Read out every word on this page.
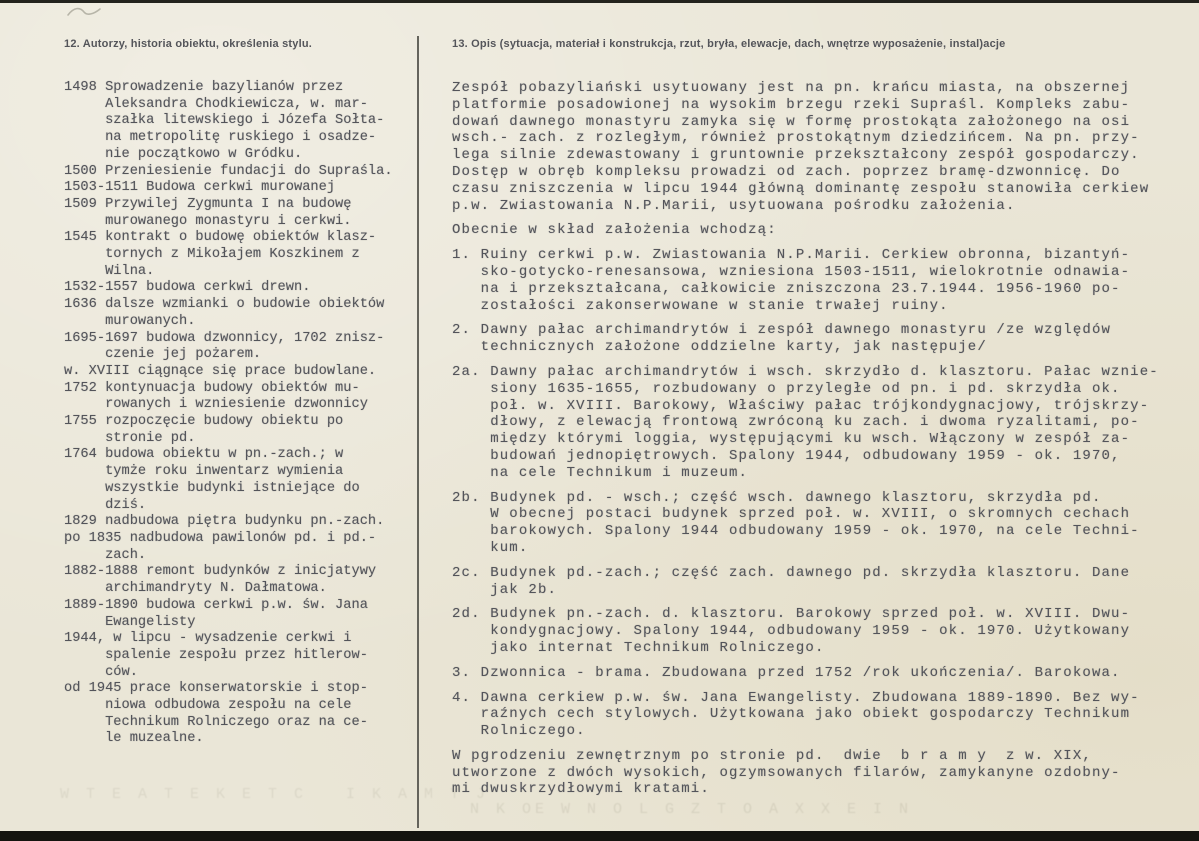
12. Autorzy, historia obiektu, określenia stylu.	13. Opis (sytuacja, materiał i konstrukcja, rzut, bryła, elewacje, dach, wnętrze wyposażenie, instal)acje
1498 Sprowadzenie bazylianów przez
Aleksandra Chodkiewicza, w. mar-
szałka litewskiego i Józefa Sołta-
na metropolitę ruskiego i osadze-
nie początkowo w Gródku.
1500 Przeniesienie fundacji do Supraśla.
1503-1511 Budowa cerkwi murowanej
1509 Przywilej Zygmunta I na budowę
murowanego monastyru i cerkwi.
1545 kontrakt o budowę obiektów klasz-
tornych z Mikołajem Koszkinem z
Wilna.
1532-1557 budowa cerkwi drewn.
1636 dalsze wzmianki o budowie obiektów
murowanych.
1695-1697 budowa dzwonnicy, 1702 znisz-
czenie jej pożarem.
w. XVIII ciągnące się prace budowlane.
1752 kontynuacja budowy obiektów mu-
rowanych i wzniesienie dzwonnicy
1755 rozpoczęcie budowy obiektu po
stronie pd.
1764 budowa obiektu w pn.-zach.; w
tymże roku inwentarz wymienia
wszystkie budynki istniejące do
dziś.
1829 nadbudowa piętra budynku pn.-zach.
po 1835 nadbudowa pawilonów pd. i pd.-
zach.
1882-1888 remont budynków z inicjatywy
archimandryty N. Dałmatowa.
1889-1890 budowa cerkwi p.w. św. Jana
Ewangelisty
1944, w lipcu - wysadzenie cerkwi i
spalenie zespołu przez hitlerow-
ców.
od 1945 prace konserwatorskie i stop-
niowa odbudowa zespołu na cele
Technikum Rolniczego oraz na ce-
le muzealne.
Zespół pobazyliański usytuowany jest na pn. krańcu miasta, na obszernej
platformie posadowionej na wysokim brzegu rzeki Supraśl. Kompleks zabu-
dowań dawnego monastyru zamyka się w formę prostokąta założonego na osi
wsch.- zach. z rozległym, również prostokątnym dziedzińcem. Na pn. przy-
lega silnie zdewastowany i gruntownie przekształcony zespół gospodarczy.
Dostęp w obręb kompleksu prowadzi od zach. poprzez bramę-dzwonnicę. Do
czasu zniszczenia w lipcu 1944 główną dominantę zespołu stanowiła cerkiew
p.w. Zwiastowania N.P.Marii, usytuowana pośrodku założenia.
Obecnie w skład założenia wchodzą:
1. Ruiny cerkwi p.w. Zwiastowania N.P.Marii. Cerkiew obronna, bizantyń-
sko-gotycko-renesansowa, wzniesiona 1503-1511, wielokrotnie odnawia-
na i przekształcana, całkowicie zniszczona 23.7.1944. 1956-1960 po-
zostałości zakonserwowane w stanie trwałej ruiny.
2. Dawny pałac archimandrytów i zespół dawnego monastyru /ze względów
technicznych założone oddzielne karty, jak następuje/
2a. Dawny pałac archimandrytów i wsch. skrzydło d. klasztoru. Pałac wznie-
siony 1635-1655, rozbudowany o przyległe od pn. i pd. skrzydła ok.
poł. w. XVIII. Barokowy, Właściwy pałac trójkondygnacjowy, trójskrzy-
dłowy, z elewacją frontową zwróconą ku zach. i dwoma ryzalitami, po-
między którymi loggia, występującymi ku wsch. Włączony w zespół za-
budowań jednopiętrowych. Spalony 1944, odbudowany 1959 - ok. 1970,
na cele Technikum i muzeum.
2b. Budynek pd. - wsch.; część wsch. dawnego klasztoru, skrzydła pd.
W obecnej postaci budynek sprzed poł. w. XVIII, o skromnych cechach
barokowych. Spalony 1944 odbudowany 1959 - ok. 1970, na cele Techni-
kum.
2c. Budynek pd.-zach.; część zach. dawnego pd. skrzydła klasztoru. Dane
jak 2b.
2d. Budynek pn.-zach. d. klasztoru. Barokowy sprzed poł. w. XVIII. Dwu-
kondygnacjowy. Spalony 1944, odbudowany 1959 - ok. 1970. Użytkowany
jako internat Technikum Rolniczego.
3. Dzwonnica - brama. Zbudowana przed 1752 /rok ukończenia/. Barokowa.
4. Dawna cerkiew p.w. św. Jana Ewangelisty. Zbudowana 1889-1890. Bez wy-
raźnych cech stylowych. Użytkowana jako obiekt gospodarczy Technikum
Rolniczego.
W pgrodzeniu zewnętrznym po stronie pd.  dwie  b r a m y  z w. XIX,
utworzone z dwóch wysokich, ogzymsowanych filarów, zamykanyne ozdobny-
mi dwuskrzydłowymi kratami.
W T E A T E K E T C   I K A M Y J
N K OE W N O L G Z T O A X X E I N
